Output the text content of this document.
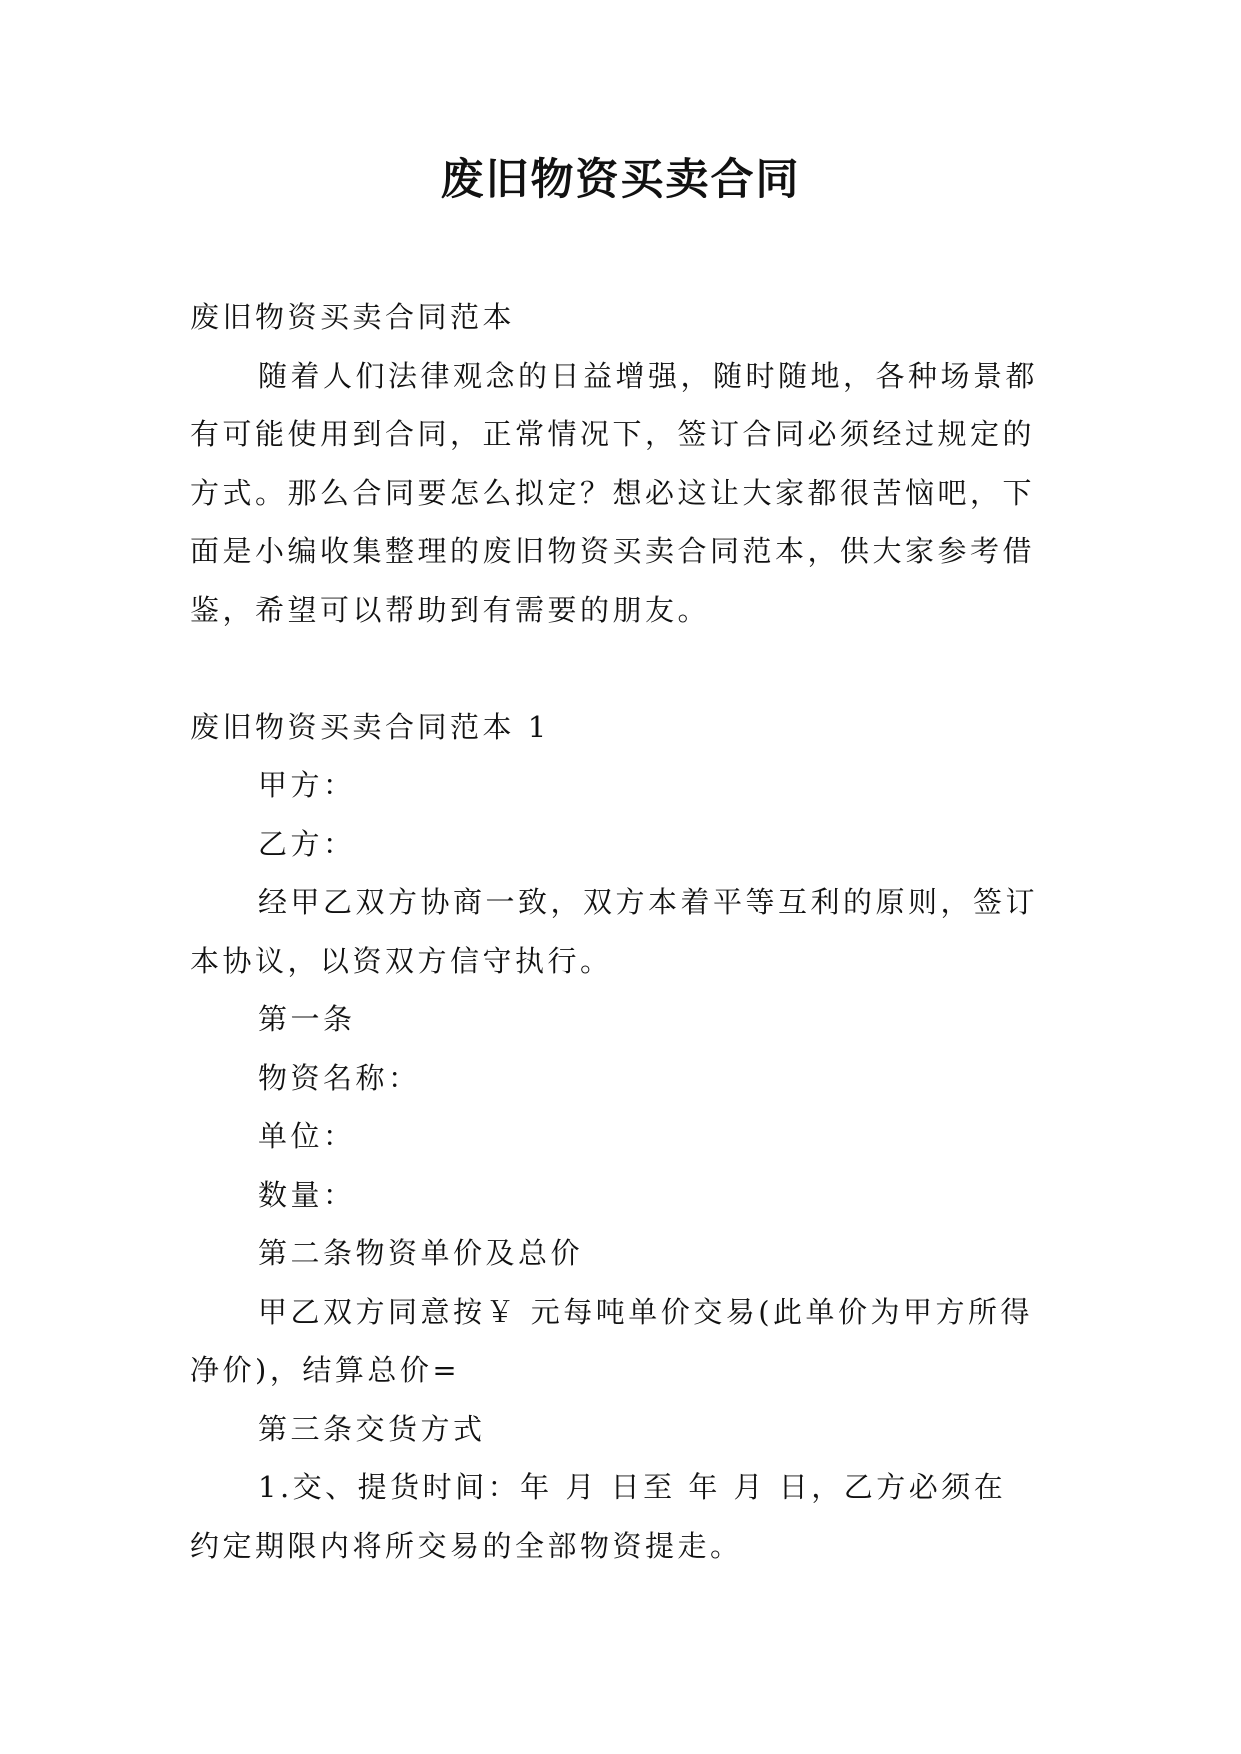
废旧物资买卖合同

废旧物资买卖合同范本

随着人们法律观念的日益增强，随时随地，各种场景都

有可能使用到合同，正常情况下，签订合同必须经过规定的

方式。那么合同要怎么拟定？想必这让大家都很苦恼吧，下

面是小编收集整理的废旧物资买卖合同范本，供大家参考借

鉴，希望可以帮助到有需要的朋友。

废旧物资买卖合同范本 1

甲方：

乙方：

经甲乙双方协商一致，双方本着平等互利的原则，签订

本协议，以资双方信守执行。

第一条

物资名称：

单位：

数量：

第二条物资单价及总价

甲乙双方同意按￥ 元每吨单价交易(此单价为甲方所得

净价)，结算总价=

第三条交货方式

1.交、提货时间：年 月 日至 年 月 日，乙方必须在

约定期限内将所交易的全部物资提走。
